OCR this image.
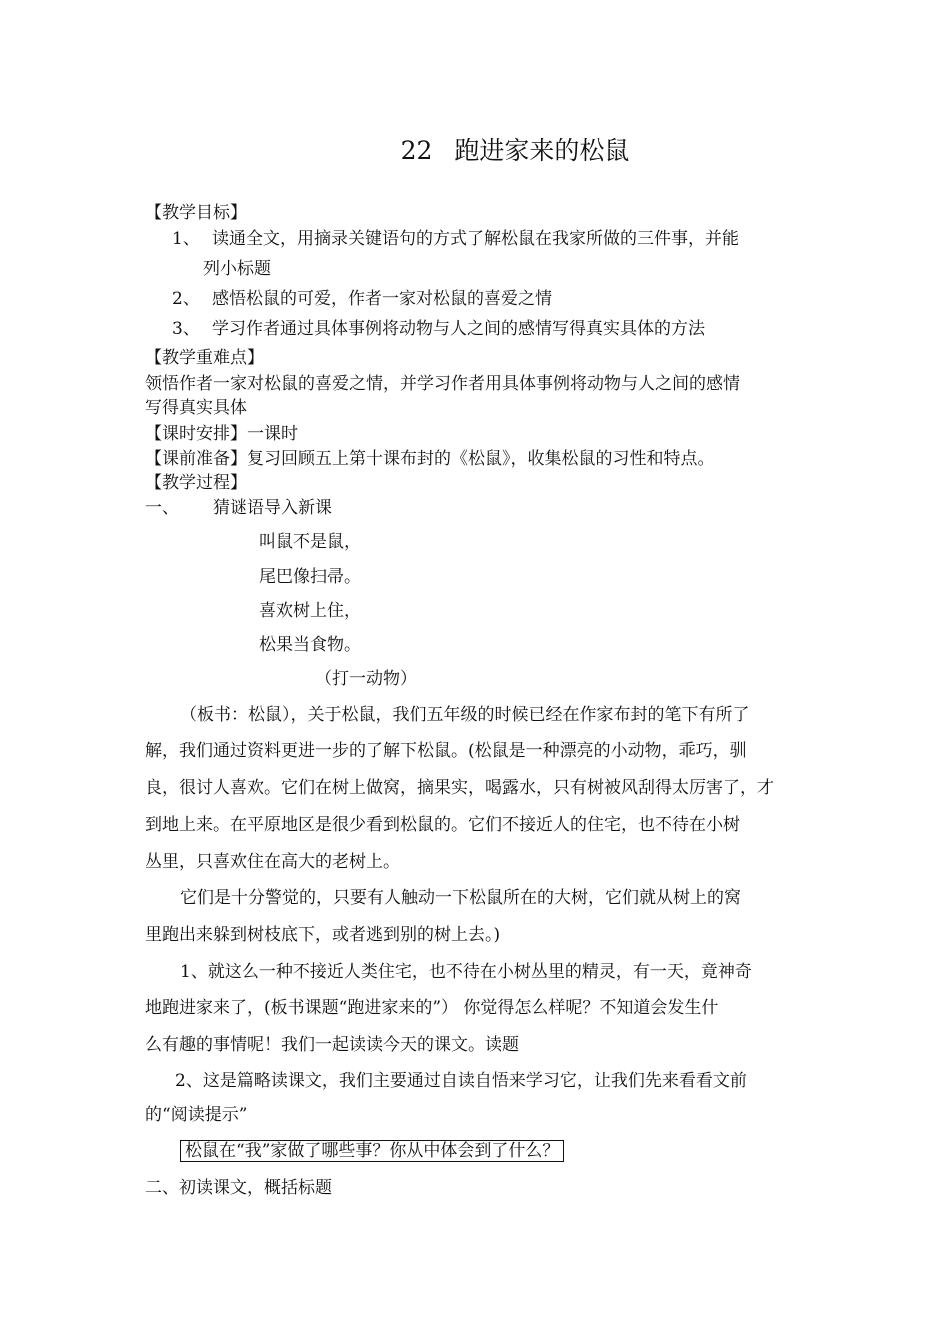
22 跑进家来的松鼠
【教学目标】
1、 读通全文，用摘录关键语句的方式了解松鼠在我家所做的三件事，并能
列小标题
2、 感悟松鼠的可爱，作者一家对松鼠的喜爱之情
3、 学习作者通过具体事例将动物与人之间的感情写得真实具体的方法
【教学重难点】
领悟作者一家对松鼠的喜爱之情，并学习作者用具体事例将动物与人之间的感情
写得真实具体
【课时安排】一课时
【课前准备】复习回顾五上第十课布封的《松鼠》，收集松鼠的习性和特点。
【教学过程】
一、 猜谜语导入新课
叫鼠不是鼠，
尾巴像扫帚。
喜欢树上住，
松果当食物。
（打一动物）
（板书：松鼠），关于松鼠，我们五年级的时候已经在作家布封的笔下有所了
解，我们通过资料更进一步的了解下松鼠。(松鼠是一种漂亮的小动物，乖巧，驯
良，很讨人喜欢。它们在树上做窝，摘果实，喝露水，只有树被风刮得太厉害了，才
到地上来。在平原地区是很少看到松鼠的。它们不接近人的住宅，也不待在小树
丛里，只喜欢住在高大的老树上。
它们是十分警觉的，只要有人触动一下松鼠所在的大树，它们就从树上的窝
里跑出来躲到树枝底下，或者逃到别的树上去。)
1、就这么一种不接近人类住宅，也不待在小树丛里的精灵，有一天，竟神奇
地跑进家来了，(板书课题“跑进家来的”） 你觉得怎么样呢？不知道会发生什
么有趣的事情呢！我们一起读读今天的课文。读题
2、这是篇略读课文，我们主要通过自读自悟来学习它，让我们先来看看文前
的“阅读提示”
松鼠在“我”家做了哪些事？你从中体会到了什么？
二、初读课文，概括标题
